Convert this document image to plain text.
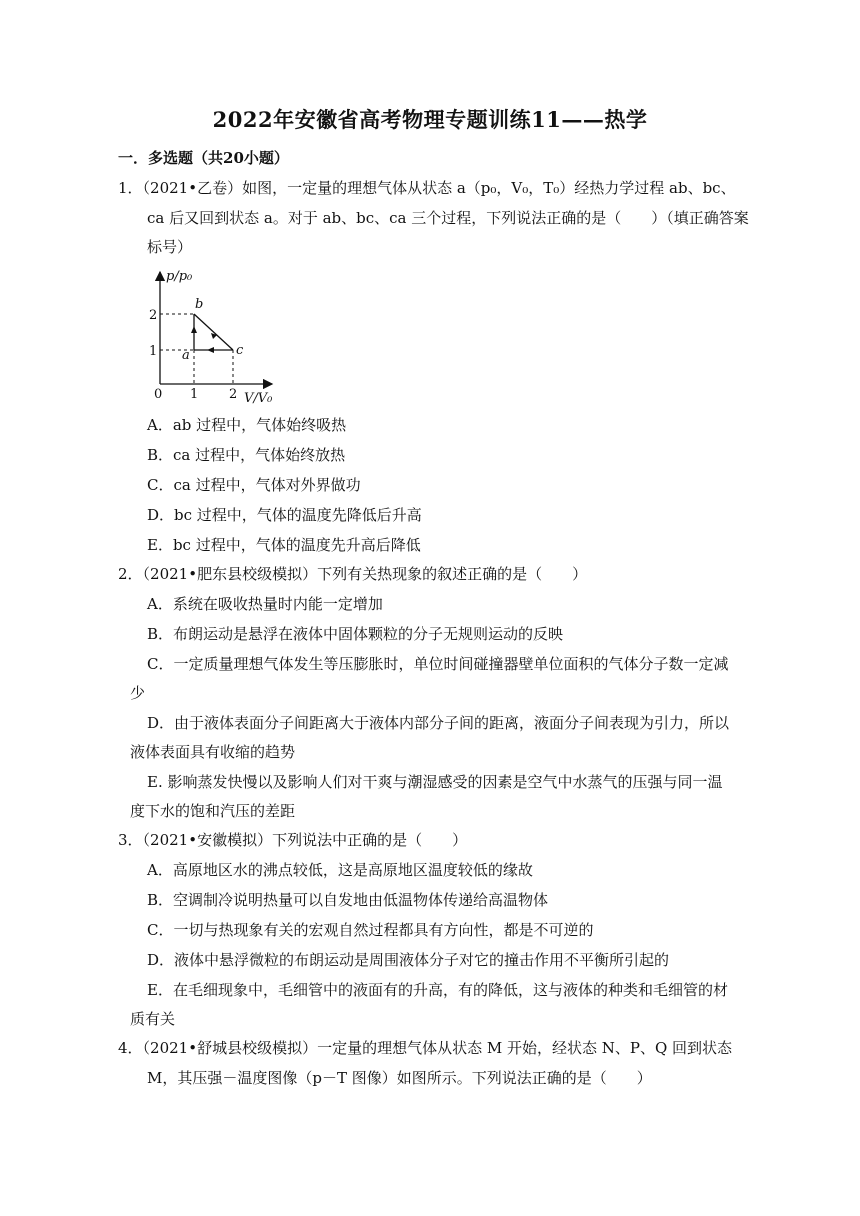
2022年安徽省高考物理专题训练11——热学
一．多选题（共20小题）
1．（2021•乙卷）如图，一定量的理想气体从状态 a（p₀，V₀，T₀）经热力学过程 ab、bc、
ca 后又回到状态 a。对于 ab、bc、ca 三个过程，下列说法正确的是（　　）（填正确答案
标号）
p/p₀
V/V₀
0 1 2
1
2
a
b
c
A．ab 过程中，气体始终吸热
B．ca 过程中，气体始终放热
C．ca 过程中，气体对外界做功
D．bc 过程中，气体的温度先降低后升高
E．bc 过程中，气体的温度先升高后降低
2．（2021•肥东县校级模拟）下列有关热现象的叙述正确的是（　　）
A．系统在吸收热量时内能一定增加
B．布朗运动是悬浮在液体中固体颗粒的分子无规则运动的反映
C．一定质量理想气体发生等压膨胀时，单位时间碰撞器壁单位面积的气体分子数一定减
少
D．由于液体表面分子间距离大于液体内部分子间的距离，液面分子间表现为引力，所以
液体表面具有收缩的趋势
E. 影响蒸发快慢以及影响人们对干爽与潮湿感受的因素是空气中水蒸气的压强与同一温
度下水的饱和汽压的差距
3．（2021•安徽模拟）下列说法中正确的是（　　）
A．高原地区水的沸点较低，这是高原地区温度较低的缘故
B．空调制冷说明热量可以自发地由低温物体传递给高温物体
C．一切与热现象有关的宏观自然过程都具有方向性，都是不可逆的
D．液体中悬浮微粒的布朗运动是周围液体分子对它的撞击作用不平衡所引起的
E．在毛细现象中，毛细管中的液面有的升高，有的降低，这与液体的种类和毛细管的材
质有关
4．（2021•舒城县校级模拟）一定量的理想气体从状态 M 开始，经状态 N、P、Q 回到状态
M，其压强－温度图像（p－T 图像）如图所示。下列说法正确的是（　　）
